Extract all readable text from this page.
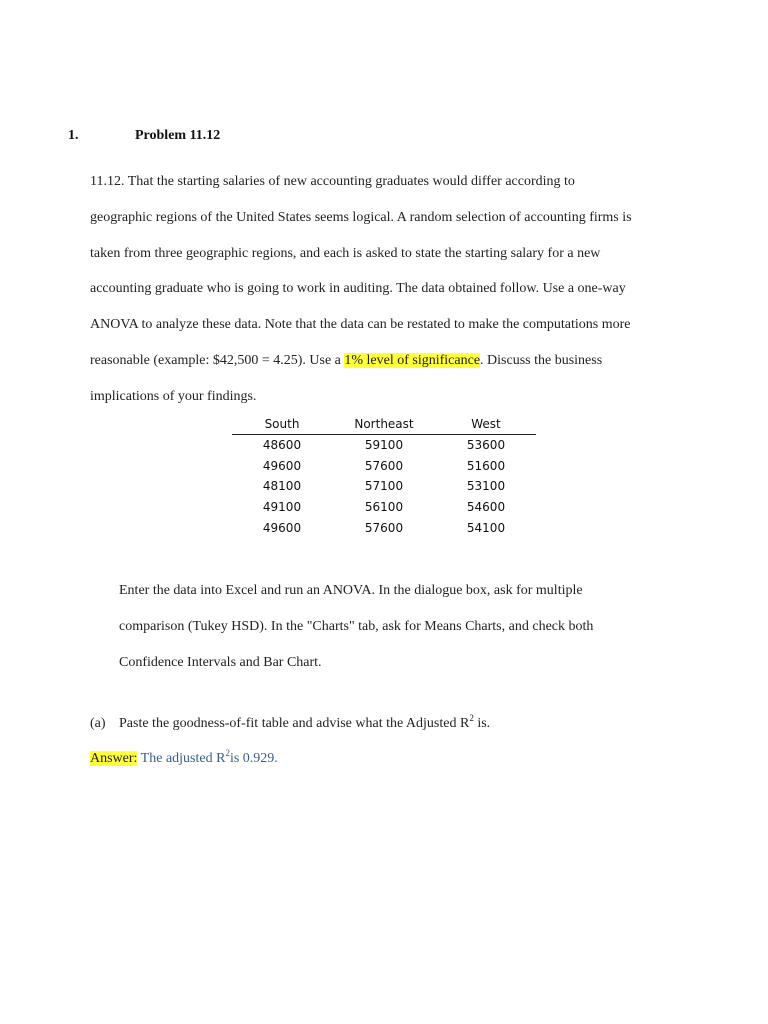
1.	Problem 11.12
11.12. That the starting salaries of new accounting graduates would differ according to
geographic regions of the United States seems logical. A random selection of accounting firms is
taken from three geographic regions, and each is asked to state the starting salary for a new
accounting graduate who is going to work in auditing. The data obtained follow. Use a one-way
ANOVA to analyze these data. Note that the data can be restated to make the computations more
reasonable (example: $42,500 = 4.25). Use a 1% level of significance. Discuss the business
implications of your findings.
South	Northeast	West
48600	59100	53600
49600	57600	51600
48100	57100	53100
49100	56100	54600
49600	57600	54100
Enter the data into Excel and run an ANOVA. In the dialogue box, ask for multiple
comparison (Tukey HSD). In the "Charts" tab, ask for Means Charts, and check both
Confidence Intervals and Bar Chart.
(a) Paste the goodness-of-fit table and advise what the Adjusted $R^2$ is.
Answer: The adjusted $R^2is$ 0.929.
